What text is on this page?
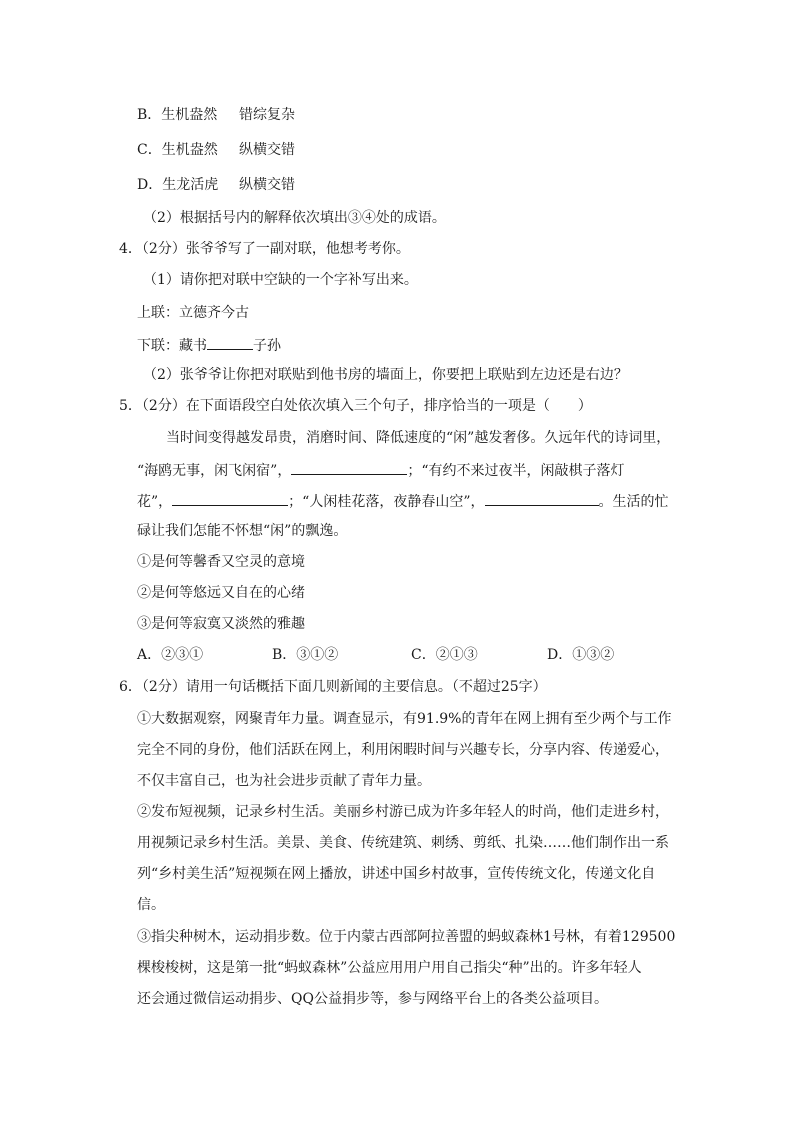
B．生机盎然 错综复杂
C．生机盎然 纵横交错
D．生龙活虎 纵横交错
（2）根据括号内的解释依次填出③④处的成语。
4．（2分）张爷爷写了一副对联，他想考考你。
（1）请你把对联中空缺的一个字补写出来。
上联：立德齐今古
下联：藏书	子孙
（2）张爷爷让你把对联贴到他书房的墙面上，你要把上联贴到左边还是右边？
5．（2分）在下面语段空白处依次填入三个句子，排序恰当的一项是（　　）
当时间变得越发昂贵，消磨时间、降低速度的“闲”越发奢侈。久远年代的诗词里，
“海鸥无事，闲飞闲宿”，	；“有约不来过夜半，闲敲棋子落灯
花”，	；“人闲桂花落，夜静春山空”，	。生活的忙
碌让我们怎能不怀想“闲”的飘逸。
①是何等馨香又空灵的意境
②是何等悠远又自在的心绪
③是何等寂寞又淡然的雅趣
A．②③①	B．③①②	C．②①③	D．①③②
6．（2分）请用一句话概括下面几则新闻的主要信息。（不超过25字）
①大数据观察，网聚青年力量。调查显示，有91.9%的青年在网上拥有至少两个与工作
完全不同的身份，他们活跃在网上，利用闲暇时间与兴趣专长，分享内容、传递爱心，
不仅丰富自己，也为社会进步贡献了青年力量。
②发布短视频，记录乡村生活。美丽乡村游已成为许多年轻人的时尚，他们走进乡村，
用视频记录乡村生活。美景、美食、传统建筑、刺绣、剪纸、扎染……他们制作出一系
列“乡村美生活”短视频在网上播放，讲述中国乡村故事，宣传传统文化，传递文化自
信。
③指尖种树木，运动捐步数。位于内蒙古西部阿拉善盟的蚂蚁森林1号林，有着129500
棵梭梭树，这是第一批“蚂蚁森林”公益应用用户用自己指尖“种”出的。许多年轻人
还会通过微信运动捐步、QQ公益捐步等，参与网络平台上的各类公益项目。
